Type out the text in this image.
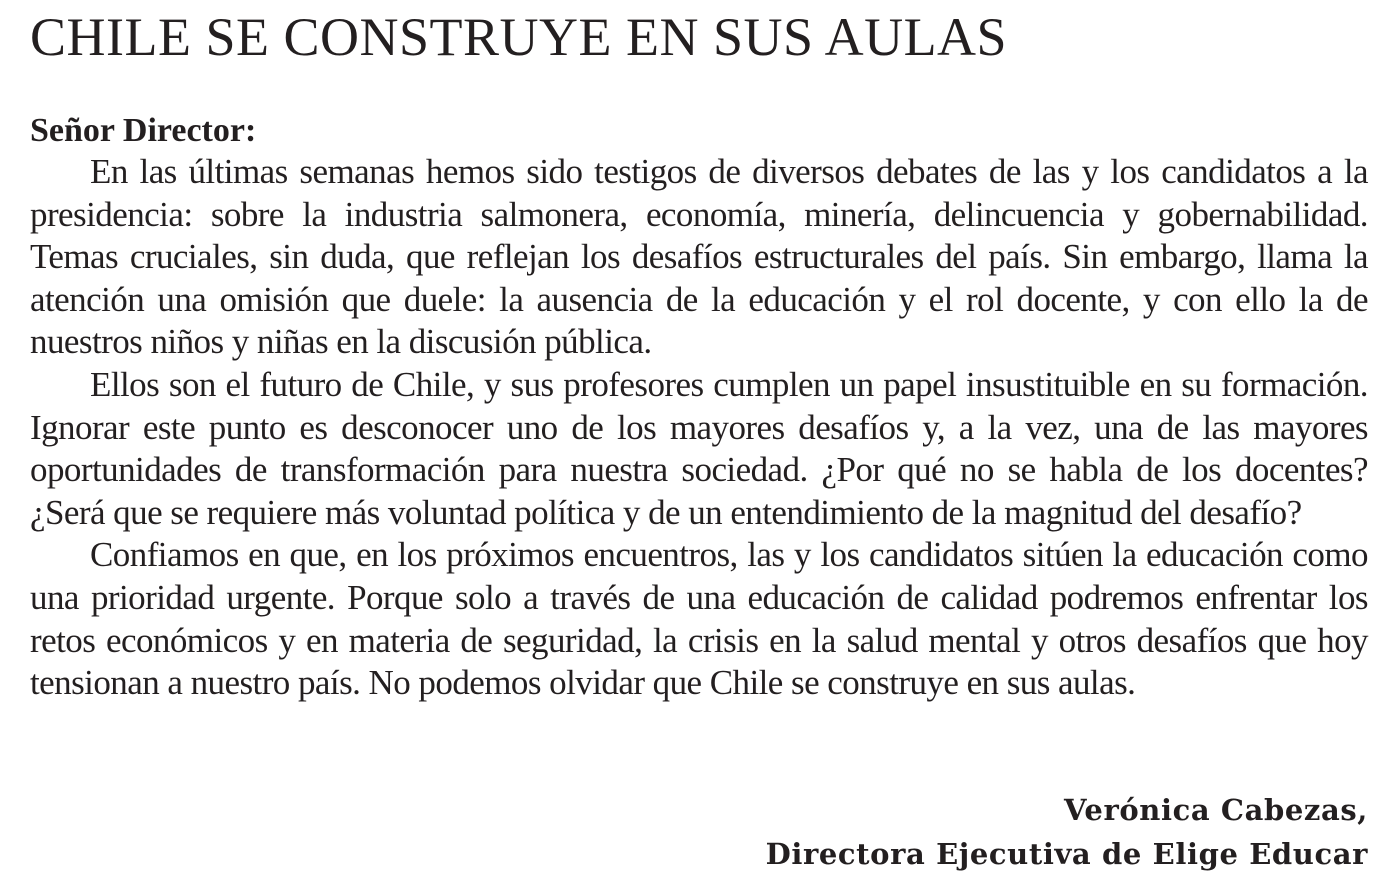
CHILE SE CONSTRUYE EN SUS AULAS

Señor Director:

En las últimas semanas hemos sido testigos de diversos debates de las y los candidatos a la presidencia: sobre la industria salmonera, economía, minería, delincuencia y gobernabilidad. Temas cruciales, sin duda, que reflejan los desafíos estructurales del país. Sin embargo, llama la atención una omisión que duele: la ausencia de la educación y el rol docente, y con ello la de nuestros niños y niñas en la discusión pública.

Ellos son el futuro de Chile, y sus profesores cumplen un papel insustituible en su formación. Ignorar este punto es desconocer uno de los mayores desafíos y, a la vez, una de las mayores oportunidades de transformación para nuestra sociedad. ¿Por qué no se habla de los docentes? ¿Será que se requiere más voluntad política y de un entendimiento de la magnitud del desafío?

Confiamos en que, en los próximos encuentros, las y los candidatos sitúen la educación como una prioridad urgente. Porque solo a través de una educación de calidad podremos enfrentar los retos económicos y en materia de seguridad, la crisis en la salud mental y otros desafíos que hoy tensionan a nuestro país. No podemos olvidar que Chile se construye en sus aulas.

Verónica Cabezas,
Directora Ejecutiva de Elige Educar
